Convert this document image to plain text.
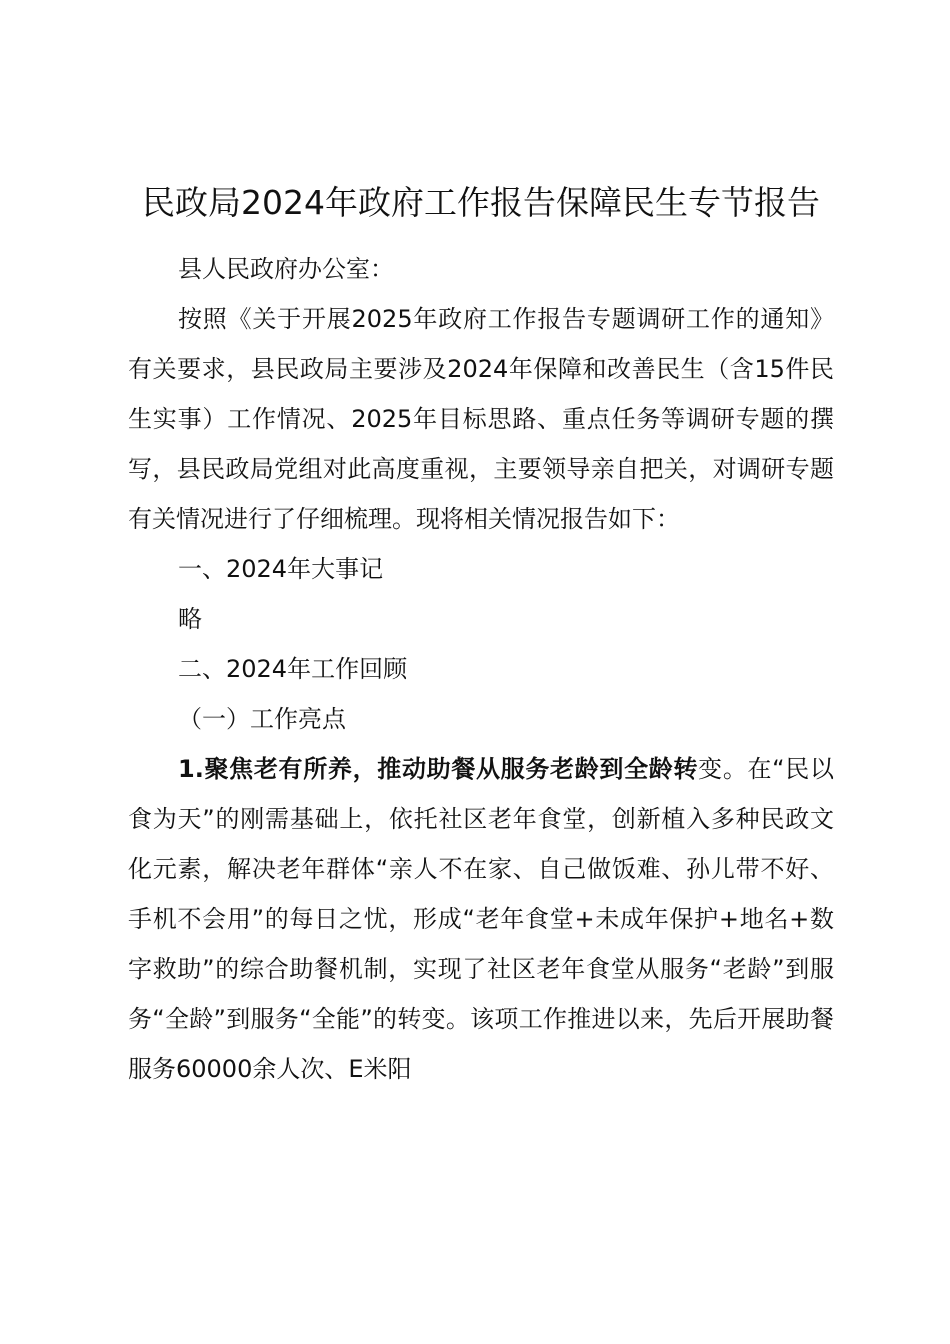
民政局2024年政府工作报告保障民生专节报告

县人民政府办公室：

按照《关于开展2025年政府工作报告专题调研工作的通知》有关要求，县民政局主要涉及2024年保障和改善民生（含15件民生实事）工作情况、2025年目标思路、重点任务等调研专题的撰写，县民政局党组对此高度重视，主要领导亲自把关，对调研专题有关情况进行了仔细梳理。现将相关情况报告如下：

一、2024年大事记

略

二、2024年工作回顾

（一）工作亮点

1.聚焦老有所养，推动助餐从服务老龄到全龄转变。在“民以食为天”的刚需基础上，依托社区老年食堂，创新植入多种民政文化元素，解决老年群体“亲人不在家、自己做饭难、孙儿带不好、手机不会用”的每日之忧，形成“老年食堂+未成年保护+地名+数字救助”的综合助餐机制，实现了社区老年食堂从服务“老龄”到服务“全龄”到服务“全能”的转变。该项工作推进以来，先后开展助餐服务60000余人次、E米阳
